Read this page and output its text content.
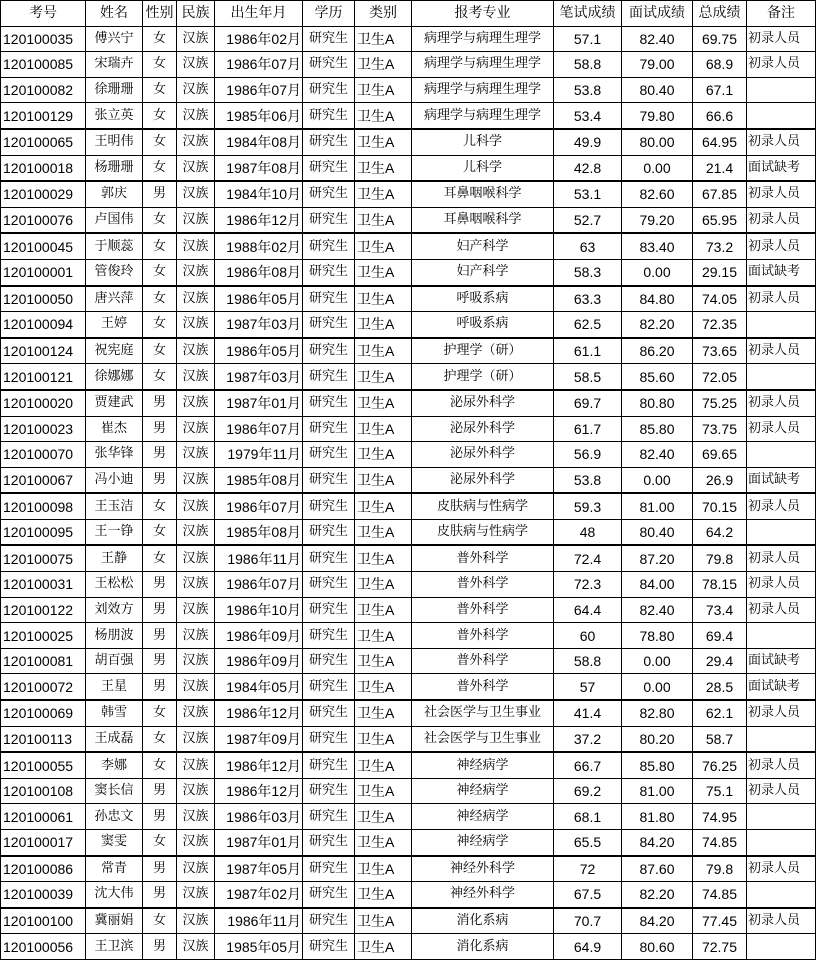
考号	姓名	性别	民族	出生年月	学历	类别	报考专业	笔试成绩	面试成绩	总成绩	备注
120100035	傅兴宁	女	汉族	1986年02月	研究生	卫生A	病理学与病理生理学	57.1	82.40	69.75	初录人员
120100085	宋瑞卉	女	汉族	1986年07月	研究生	卫生A	病理学与病理生理学	58.8	79.00	68.9	初录人员
120100082	徐珊珊	女	汉族	1986年07月	研究生	卫生A	病理学与病理生理学	53.8	80.40	67.1	
120100129	张立英	女	汉族	1985年06月	研究生	卫生A	病理学与病理生理学	53.4	79.80	66.6	
120100065	王明伟	女	汉族	1984年08月	研究生	卫生A	儿科学	49.9	80.00	64.95	初录人员
120100018	杨珊珊	女	汉族	1987年08月	研究生	卫生A	儿科学	42.8	0.00	21.4	面试缺考
120100029	郭庆	男	汉族	1984年10月	研究生	卫生A	耳鼻咽喉科学	53.1	82.60	67.85	初录人员
120100076	卢国伟	女	汉族	1986年12月	研究生	卫生A	耳鼻咽喉科学	52.7	79.20	65.95	初录人员
120100045	于顺蕊	女	汉族	1988年02月	研究生	卫生A	妇产科学	63	83.40	73.2	初录人员
120100001	管俊玲	女	汉族	1986年08月	研究生	卫生A	妇产科学	58.3	0.00	29.15	面试缺考
120100050	唐兴萍	女	汉族	1986年05月	研究生	卫生A	呼吸系病	63.3	84.80	74.05	初录人员
120100094	王婷	女	汉族	1987年03月	研究生	卫生A	呼吸系病	62.5	82.20	72.35	
120100124	祝宪庭	女	汉族	1986年05月	研究生	卫生A	护理学（研）	61.1	86.20	73.65	初录人员
120100121	徐娜娜	女	汉族	1987年03月	研究生	卫生A	护理学（研）	58.5	85.60	72.05	
120100020	贾建武	男	汉族	1987年01月	研究生	卫生A	泌尿外科学	69.7	80.80	75.25	初录人员
120100023	崔杰	男	汉族	1986年07月	研究生	卫生A	泌尿外科学	61.7	85.80	73.75	初录人员
120100070	张华锋	男	汉族	1979年11月	研究生	卫生A	泌尿外科学	56.9	82.40	69.65	
120100067	冯小迪	男	汉族	1985年08月	研究生	卫生A	泌尿外科学	53.8	0.00	26.9	面试缺考
120100098	王玉洁	女	汉族	1986年07月	研究生	卫生A	皮肤病与性病学	59.3	81.00	70.15	初录人员
120100095	王一铮	女	汉族	1985年08月	研究生	卫生A	皮肤病与性病学	48	80.40	64.2	
120100075	王静	女	汉族	1986年11月	研究生	卫生A	普外科学	72.4	87.20	79.8	初录人员
120100031	王松松	男	汉族	1986年07月	研究生	卫生A	普外科学	72.3	84.00	78.15	初录人员
120100122	刘效方	男	汉族	1986年10月	研究生	卫生A	普外科学	64.4	82.40	73.4	初录人员
120100025	杨朋波	男	汉族	1986年09月	研究生	卫生A	普外科学	60	78.80	69.4	
120100081	胡百强	男	汉族	1986年09月	研究生	卫生A	普外科学	58.8	0.00	29.4	面试缺考
120100072	王星	男	汉族	1984年05月	研究生	卫生A	普外科学	57	0.00	28.5	面试缺考
120100069	韩雪	女	汉族	1986年12月	研究生	卫生A	社会医学与卫生事业	41.4	82.80	62.1	初录人员
120100113	王成磊	女	汉族	1987年09月	研究生	卫生A	社会医学与卫生事业	37.2	80.20	58.7	
120100055	李娜	女	汉族	1986年12月	研究生	卫生A	神经病学	66.7	85.80	76.25	初录人员
120100108	窦长信	男	汉族	1986年12月	研究生	卫生A	神经病学	69.2	81.00	75.1	初录人员
120100061	孙忠文	男	汉族	1986年03月	研究生	卫生A	神经病学	68.1	81.80	74.95	
120100017	窦雯	女	汉族	1987年01月	研究生	卫生A	神经病学	65.5	84.20	74.85	
120100086	常青	男	汉族	1987年05月	研究生	卫生A	神经外科学	72	87.60	79.8	初录人员
120100039	沈大伟	男	汉族	1987年02月	研究生	卫生A	神经外科学	67.5	82.20	74.85	
120100100	冀丽娟	女	汉族	1986年11月	研究生	卫生A	消化系病	70.7	84.20	77.45	初录人员
120100056	王卫滨	男	汉族	1985年05月	研究生	卫生A	消化系病	64.9	80.60	72.75	
